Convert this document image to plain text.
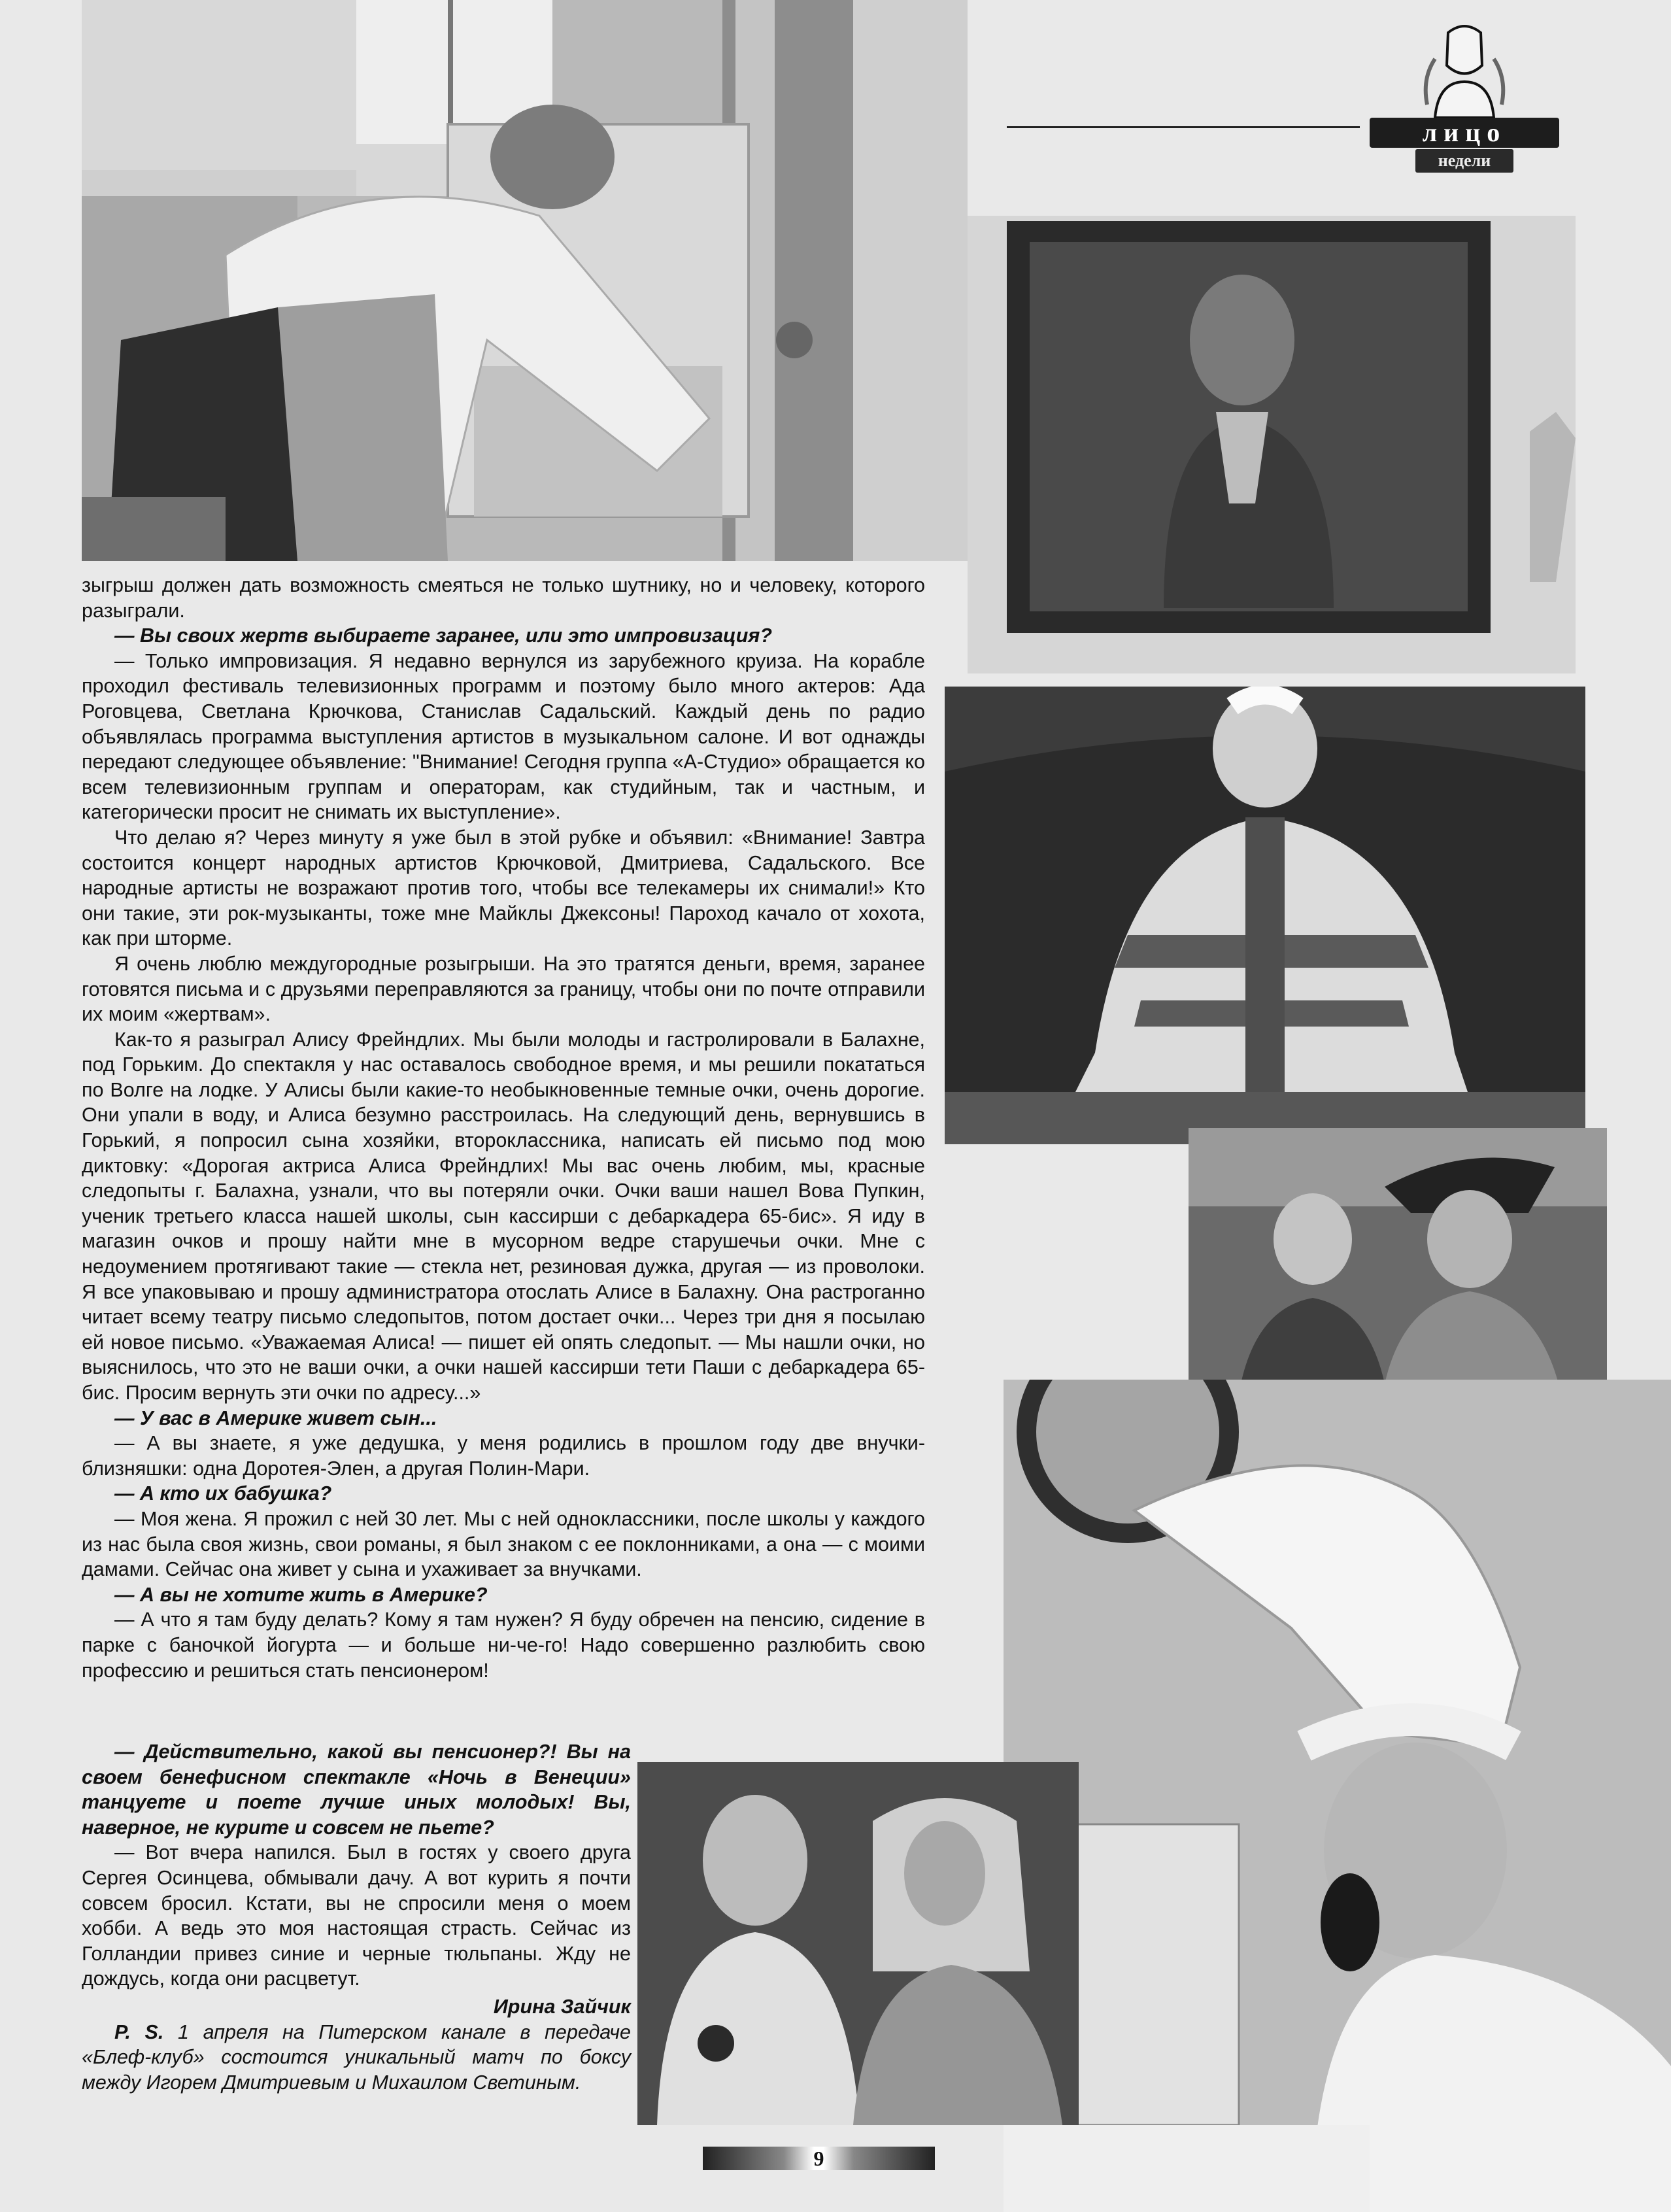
лицо
недели

зыгрыш должен дать возможность смеяться не только шутнику, но и человеку, которого разыграли.

— Вы своих жертв выбираете заранее, или это импровизация?

— Только импровизация. Я недавно вернулся из зарубежного круиза. На корабле проходил фестиваль телевизионных программ и поэтому было много актеров: Ада Роговцева, Светлана Крючкова, Станислав Садальский. Каждый день по радио объявлялась программа выступления артистов в музыкальном салоне. И вот однажды передают следующее объявление: "Внимание! Сегодня группа «А-Студио» обращается ко всем телевизионным группам и операторам, как студийным, так и частным, и категорически просит не снимать их выступление».

Что делаю я? Через минуту я уже был в этой рубке и объявил: «Внимание! Завтра состоится концерт народных артистов Крючковой, Дмитриева, Садальского. Все народные артисты не возражают против того, чтобы все телекамеры их снимали!» Кто они такие, эти рок-музыканты, тоже мне Майклы Джексоны! Пароход качало от хохота, как при шторме.

Я очень люблю междугородные розыгрыши. На это тратятся деньги, время, заранее готовятся письма и с друзьями переправляются за границу, чтобы они по почте отправили их моим «жертвам».

Как-то я разыграл Алису Фрейндлих. Мы были молоды и гастролировали в Балахне, под Горьким. До спектакля у нас оставалось свободное время, и мы решили покататься по Волге на лодке. У Алисы были какие-то необыкновенные темные очки, очень дорогие. Они упали в воду, и Алиса безумно расстроилась. На следующий день, вернувшись в Горький, я попросил сына хозяйки, второклассника, написать ей письмо под мою диктовку: «Дорогая актриса Алиса Фрейндлих! Мы вас очень любим, мы, красные следопыты г. Балахна, узнали, что вы потеряли очки. Очки ваши нашел Вова Пупкин, ученик третьего класса нашей школы, сын кассирши с дебаркадера 65-бис». Я иду в магазин очков и прошу найти мне в мусорном ведре старушечьи очки. Мне с недоумением протягивают такие — стекла нет, резиновая дужка, другая — из проволоки. Я все упаковываю и прошу администратора отослать Алисе в Балахну. Она растроганно читает всему театру письмо следопытов, потом достает очки... Через три дня я посылаю ей новое письмо. «Уважаемая Алиса! — пишет ей опять следопыт. — Мы нашли очки, но выяснилось, что это не ваши очки, а очки нашей кассирши тети Паши с дебаркадера 65-бис. Просим вернуть эти очки по адресу...»

— У вас в Америке живет сын...

— А вы знаете, я уже дедушка, у меня родились в прошлом году две внучки-близняшки: одна Доротея-Элен, а другая Полин-Мари.

— А кто их бабушка?

— Моя жена. Я прожил с ней 30 лет. Мы с ней одноклассники, после школы у каждого из нас была своя жизнь, свои романы, я был знаком с ее поклонниками, а она — с моими дамами. Сейчас она живет у сына и ухаживает за внучками.

— А вы не хотите жить в Америке?

— А что я там буду делать? Кому я там нужен? Я буду обречен на пенсию, сидение в парке с баночкой йогурта — и больше ни-че-го! Надо совершенно разлюбить свою профессию и решиться стать пенсионером!

— Действительно, какой вы пенсионер?! Вы на своем бенефисном спектакле «Ночь в Венеции» танцуете и поете лучше иных молодых! Вы, наверное, не курите и совсем не пьете?

— Вот вчера напился. Был в гостях у своего друга Сергея Осинцева, обмывали дачу. А вот курить я почти совсем бросил. Кстати, вы не спросили меня о моем хобби. А ведь это моя настоящая страсть. Сейчас из Голландии привез синие и черные тюльпаны. Жду не дождусь, когда они расцветут.

Ирина Зайчик

P. S. 1 апреля на Питерском канале в передаче «Блеф-клуб» состоится уникальный матч по боксу между Игорем Дмитриевым и Михаилом Светиным.

9
